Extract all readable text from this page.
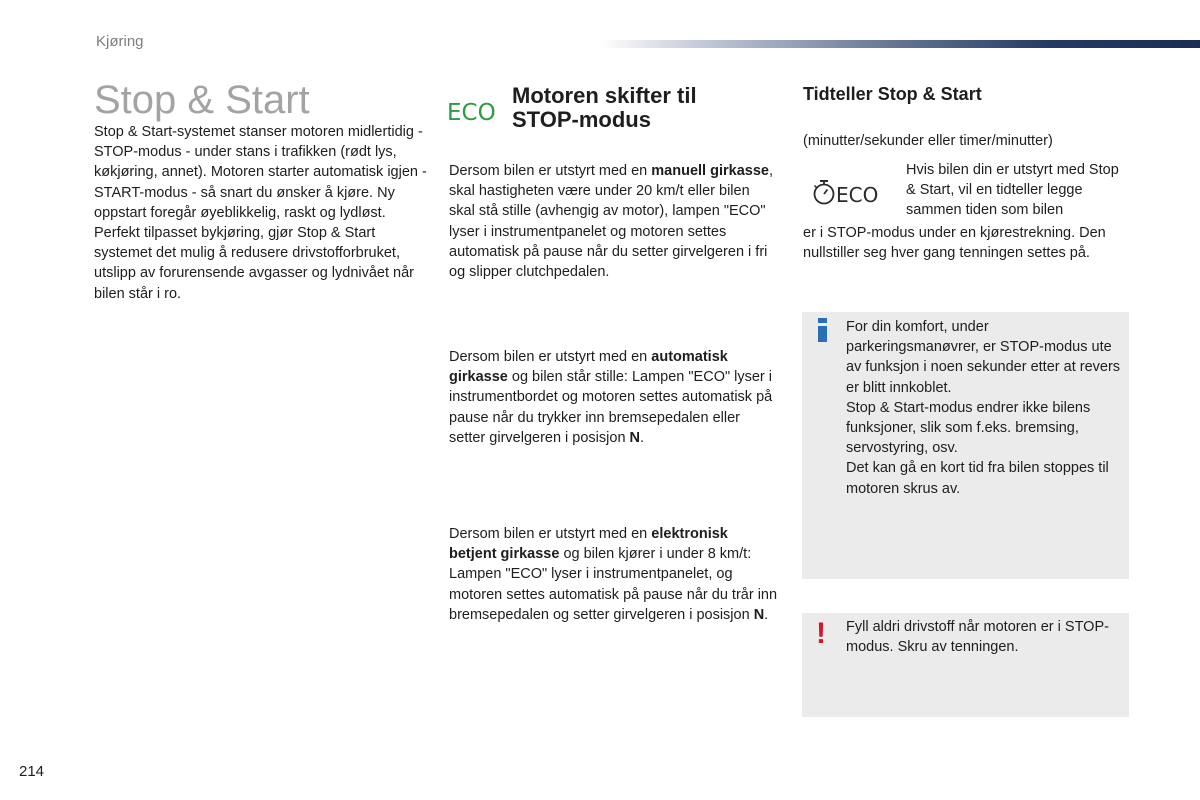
Kjøring
Stop & Start

Stop & Start-systemet stanser motoren midlertidig - STOP-modus - under stans i trafikken (rødt lys, køkjøring, annet). Motoren starter automatisk igjen - START-modus - så snart du ønsker å kjøre. Ny oppstart foregår øyeblikkelig, raskt og lydløst.

Perfekt tilpasset bykjøring, gjør Stop & Start systemet det mulig å redusere drivstofforbruket, utslipp av forurensende avgasser og lydnivået når bilen står i ro.

ECO
Motoren skifter til
STOP-modus

Dersom bilen er utstyrt med en manuell girkasse, skal hastigheten være under 20 km/t eller bilen skal stå stille (avhengig av motor), lampen "ECO" lyser i instrumentpanelet og motoren settes automatisk på pause når du setter girvelgeren i fri og slipper clutchpedalen.

Dersom bilen er utstyrt med en automatisk girkasse og bilen står stille: Lampen "ECO" lyser i instrumentbordet og motoren settes automatisk på pause når du trykker inn bremsepedalen eller setter girvelgeren i posisjon N.

Dersom bilen er utstyrt med en elektronisk betjent girkasse og bilen kjører i under 8 km/t: Lampen "ECO" lyser i instrumentpanelet, og motoren settes automatisk på pause når du trår inn bremsepedalen og setter girvelgeren i posisjon N.

Tidteller Stop & Start
(minutter/sekunder eller timer/minutter)
ECO

Hvis bilen din er utstyrt med Stop & Start, vil en tidteller legge sammen tiden som bilen

er i STOP-modus under en kjørestrekning. Den nullstiller seg hver gang tenningen settes på.

For din komfort, under parkeringsmanøvrer, er STOP-modus ute av funksjon i noen sekunder etter at revers er blitt innkoblet.

Stop & Start-modus endrer ikke bilens funksjoner, slik som f.eks. bremsing, servostyring, osv.

Det kan gå en kort tid fra bilen stoppes til motoren skrus av.

! Fyll aldri drivstoff når motoren er i STOP-modus. Skru av tenningen.

214
